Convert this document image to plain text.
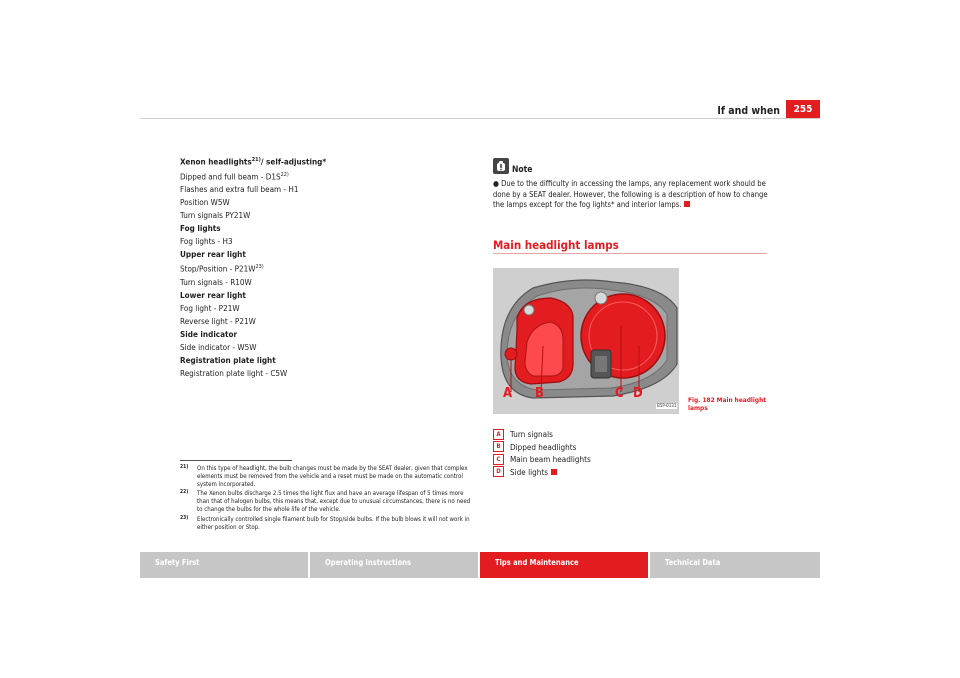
If and when	255
Xenon headlights$^{21)}$/ self-adjusting*
Dipped and full beam - $D1S^{22)}$
Flashes and extra full beam - H1
Position W5W
Turn signals PY21W
Fog lights
Fog lights - H3
Upper rear light
Stop/Position - $P21W^{23)}$
Turn signals - R10W
Lower rear light
Fog light - P21W
Reverse light - P21W
Side indicator
Side indicator - W5W
Registration plate light
Registration plate light - C5W
21) On this type of headlight, the bulb changes must be made by the SEAT dealer, given that complex elements must be removed from the vehicle and a reset must be made on the automatic control system incorporated.
22) The Xenon bulbs discharge 2.5 times the light flux and have an average lifespan of 5 times more than that of halogen bulbs, this means that, except due to unusual circumstances, there is no need to change the bulbs for the whole life of the vehicle.
23) Electronically controlled single filament bulb for Stop/side bulbs. If the bulb blows it will not work in either position or Stop.
Note
● Due to the difficulty in accessing the lamps, any replacement work should be done by a SEAT dealer. However, the following is a description of how to change the lamps except for the fog lights* and interior lamps.
Main headlight lamps
A B	C D
B5P-0131
Fig. 182 Main headlight lamps
A	Turn signals
B	Dipped headlights
C	Main beam headlights
D	Side lights
Safety First	Operating instructions	Tips and Maintenance	Technical Data
